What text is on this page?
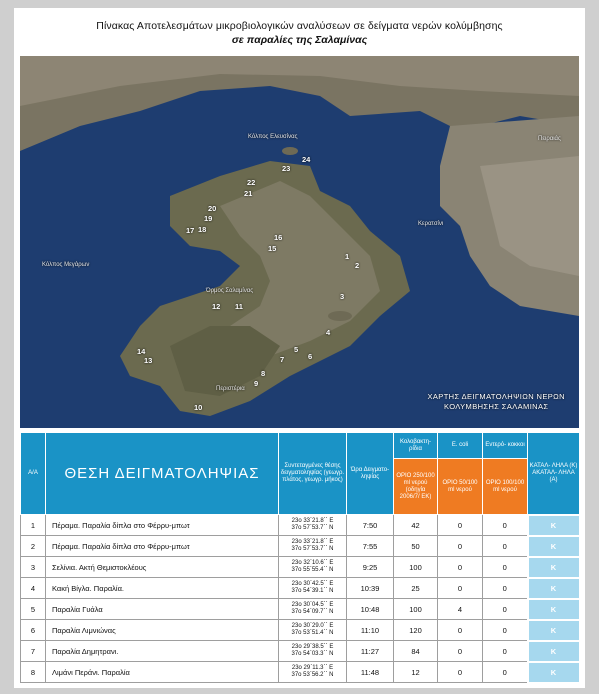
Πίνακας Αποτελεσμάτων μικροβιολογικών αναλύσεων σε δείγματα νερών κολύμβησης
σε παραλίες της Σαλαμίνας
Κόλπος Ελευσίνας
Όρμος Σαλαμίνας
Κόλπος Μεγάρων
Πειραιάς
Κερατσίνι
Περιστέρια
24
23
22
21
20
19
18
17
16
15
1
2
3
4
5
6
7
8
9
10
11
12
13
14
ΧΑΡΤΗΣ ΔΕΙΓΜΑΤΟΛΗΨΙΩΝ ΝΕΡΩΝ
ΚΟΛΥΜΒΗΣΗΣ ΣΑΛΑΜΙΝΑΣ
Α/Α	ΘΕΣΗ ΔΕΙΓΜΑΤΟΛΗΨΙΑΣ	Συντεταγμένες θέσης δειγματοληψίας (γεωγρ. πλάτος, γεωγρ. μήκος)	Ώρα Δειγματο- ληψίας	Κολοβακτη- ρίδια	E. coli	Εντερό- κοκκοι	ΚΑΤΑΛ- ΛΗΛΑ (Κ) ΑΚΑΤΑΛ- ΛΗΛΑ (Α)
				ΟΡΙΟ 250/100 ml νερού (οδηγία 2006/7/ ΕΚ)	ΟΡΙΟ 50/100 ml νερού	ΟΡΙΟ 100/100 ml νερού	
1	Πέραμα. Παραλία δίπλα στο Φέρρυ-μπωτ	23ο 33΄21.8΄΄ E
37ο 57΄53.7΄΄ N	7:50	42	0	0	Κ
2	Πέραμα. Παραλία δίπλα στο Φέρρυ-μπωτ	23ο 33΄21.8΄΄ E
37ο 57΄53.7΄΄ N	7:55	50	0	0	Κ
3	Σελίνια. Ακτή Θεμιστοκλέους	23ο 32΄10.6΄΄ E
37ο 55΄55.4΄΄ N	9:25	100	0	0	Κ
4	Κακή Βίγλα. Παραλία.	23ο 30΄42.5΄΄ E
37ο 54΄39.1΄΄ N	10:39	25	0	0	Κ
5	Παραλία Γυάλα	23ο 30΄04.5΄΄ E
37ο 54΄09.7΄΄ N	10:48	100	4	0	Κ
6	Παραλία Λιμνιώνας	23ο 30΄29.0΄΄ E
37ο 53΄51.4΄΄ N	11:10	120	0	0	Κ
7	Παραλία Δημητρανι.	23ο 29΄38.5΄΄ E
37ο 54΄03.3΄΄ N	11:27	84	0	0	Κ
8	Λιμάνι Περάνι. Παραλία	23ο 29΄11.3΄΄ E
37ο 53΄56.2΄΄ N	11:48	12	0	0	Κ
